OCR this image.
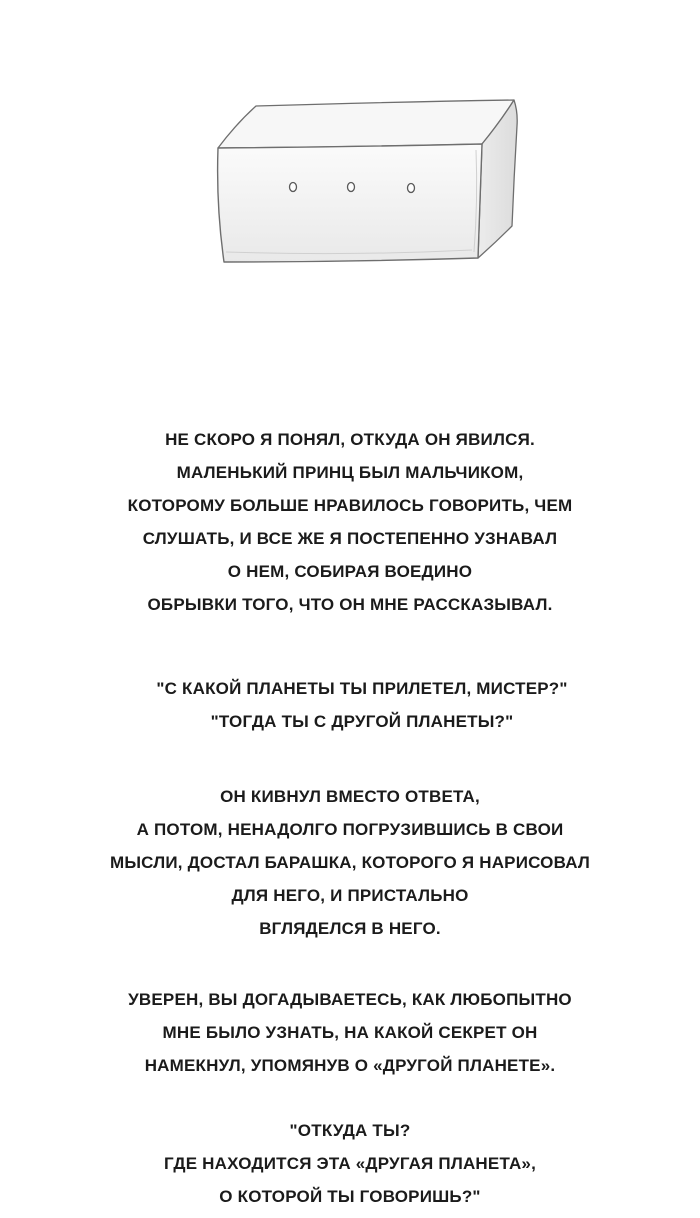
НЕ СКОРО Я ПОНЯЛ, ОТКУДА ОН ЯВИЛСЯ.
МАЛЕНЬКИЙ ПРИНЦ БЫЛ МАЛЬЧИКОМ,
КОТОРОМУ БОЛЬШЕ НРАВИЛОСЬ ГОВОРИТЬ, ЧЕМ
СЛУШАТЬ, И ВСЕ ЖЕ Я ПОСТЕПЕННО УЗНАВАЛ
О НЕМ, СОБИРАЯ ВОЕДИНО
ОБРЫВКИ ТОГО, ЧТО ОН МНЕ РАССКАЗЫВАЛ.
"С КАКОЙ ПЛАНЕТЫ ТЫ ПРИЛЕТЕЛ, МИСТЕР?"
"ТОГДА ТЫ С ДРУГОЙ ПЛАНЕТЫ?"
ОН КИВНУЛ ВМЕСТО ОТВЕТА,
А ПОТОМ, НЕНАДОЛГО ПОГРУЗИВШИСЬ В СВОИ
МЫСЛИ, ДОСТАЛ БАРАШКА, КОТОРОГО Я НАРИСОВАЛ
ДЛЯ НЕГО, И ПРИСТАЛЬНО
ВГЛЯДЕЛСЯ В НЕГО.
УВЕРЕН, ВЫ ДОГАДЫВАЕТЕСЬ, КАК ЛЮБОПЫТНО
МНЕ БЫЛО УЗНАТЬ, НА КАКОЙ СЕКРЕТ ОН
НАМЕКНУЛ, УПОМЯНУВ О «ДРУГОЙ ПЛАНЕТЕ».
"ОТКУДА ТЫ?
ГДЕ НАХОДИТСЯ ЭТА «ДРУГАЯ ПЛАНЕТА»,
О КОТОРОЙ ТЫ ГОВОРИШЬ?"
